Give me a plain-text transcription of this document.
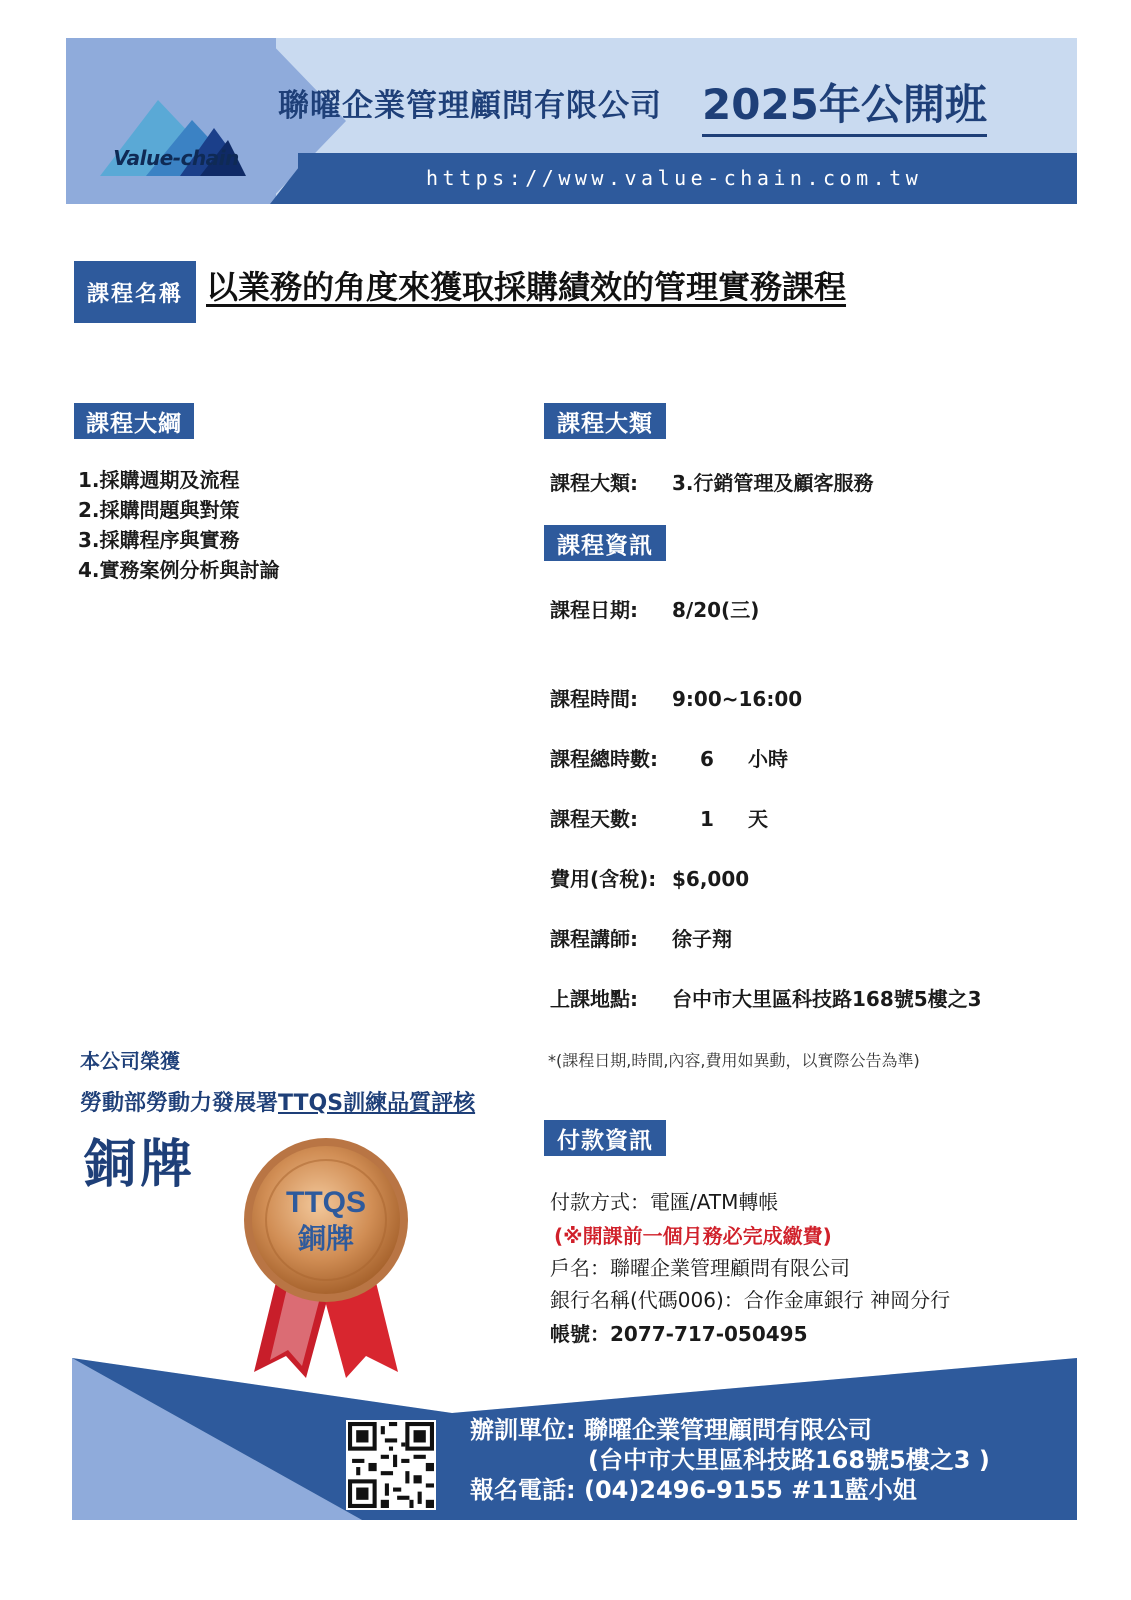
Value-chain
聯曜企業管理顧問有限公司 2025年公開班
https://www.value-chain.com.tw
課程名稱 以業務的角度來獲取採購績效的管理實務課程
課程大綱
1.採購週期及流程
2.採購問題與對策
3.採購程序與實務
4.實務案例分析與討論
課程大類
課程大類: 3.行銷管理及顧客服務
課程資訊
課程日期: 8/20(三)
課程時間: 9:00~16:00
課程總時數: 6 小時
課程天數:	1 天
費用(含稅): $6,000
課程講師: 徐子翔
上課地點: 台中市大里區科技路168號5樓之3
*(課程日期,時間,內容,費用如異動，以實際公告為準)
本公司榮獲
勞動部勞動力發展署TTQS訓練品質評核
銅牌
TTQS
銅牌
付款資訊
付款方式：電匯/ATM轉帳
(※開課前一個月務必完成繳費)
戶名：聯曜企業管理顧問有限公司
銀行名稱(代碼006)：合作金庫銀行 神岡分行
帳號：2077-717-050495
辦訓單位: 聯曜企業管理顧問有限公司
(台中市大里區科技路168號5樓之3 )
報名電話: (04)2496-9155 #11藍小姐
